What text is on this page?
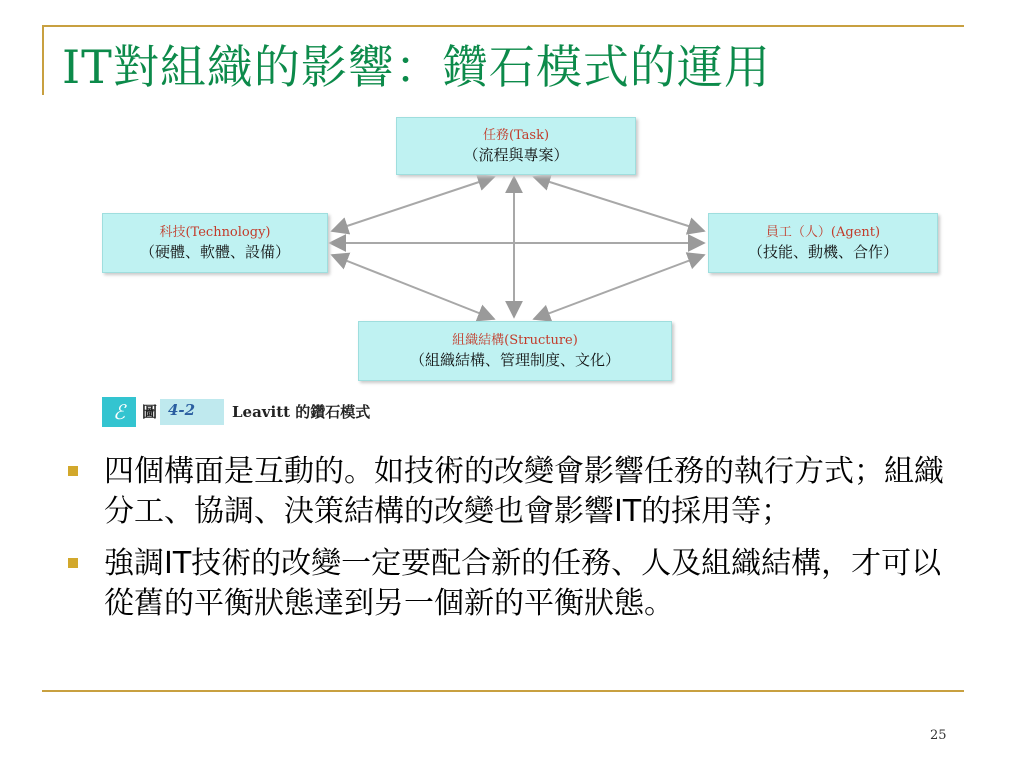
IT對組織的影響：鑽石模式的運用
任務(Task)
（流程與專案）
科技(Technology)
（硬體、軟體、設備）
員工（人）(Agent)
（技能、動機、合作）
組織結構(Structure)
（組織結構、管理制度、文化）
ℰ	圖 4-2 Leavitt 的鑽石模式
四個構面是互動的。如技術的改變會影響任務的執行方式；組織分工、協調、決策結構的改變也會影響IT的採用等；
強調IT技術的改變一定要配合新的任務、人及組織結構，才可以從舊的平衡狀態達到另一個新的平衡狀態。
25
